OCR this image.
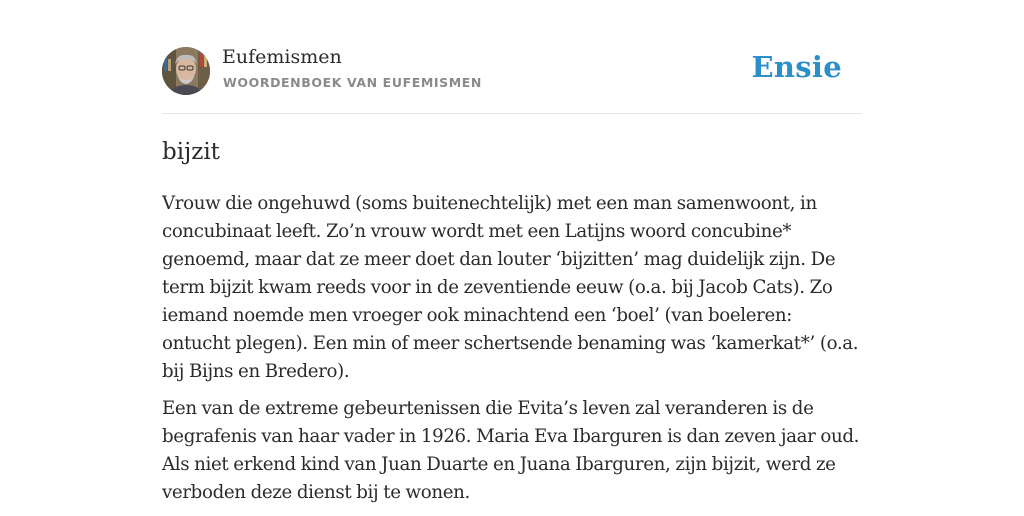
Eufemismen
WOORDENBOEK VAN EUFEMISMEN	Ensie
bijzit

Vrouw die ongehuwd (soms buitenechtelijk) met een man samenwoont, in concubinaat leeft. Zo’n vrouw wordt met een Latijns woord concubine* genoemd, maar dat ze meer doet dan louter ‘bijzitten’ mag duidelijk zijn. De term bijzit kwam reeds voor in de zeventiende eeuw (o.a. bij Jacob Cats). Zo iemand noemde men vroeger ook minachtend een ‘boel’ (van boeleren: ontucht plegen). Een min of meer schertsende benaming was ‘kamerkat*’ (o.a. bij Bijns en Bredero).

Een van de extreme gebeurtenissen die Evita’s leven zal veranderen is de begrafenis van haar vader in 1926. Maria Eva Ibarguren is dan zeven jaar oud. Als niet erkend kind van Juan Duarte en Juana Ibarguren, zijn bijzit, werd ze verboden deze dienst bij te wonen.
